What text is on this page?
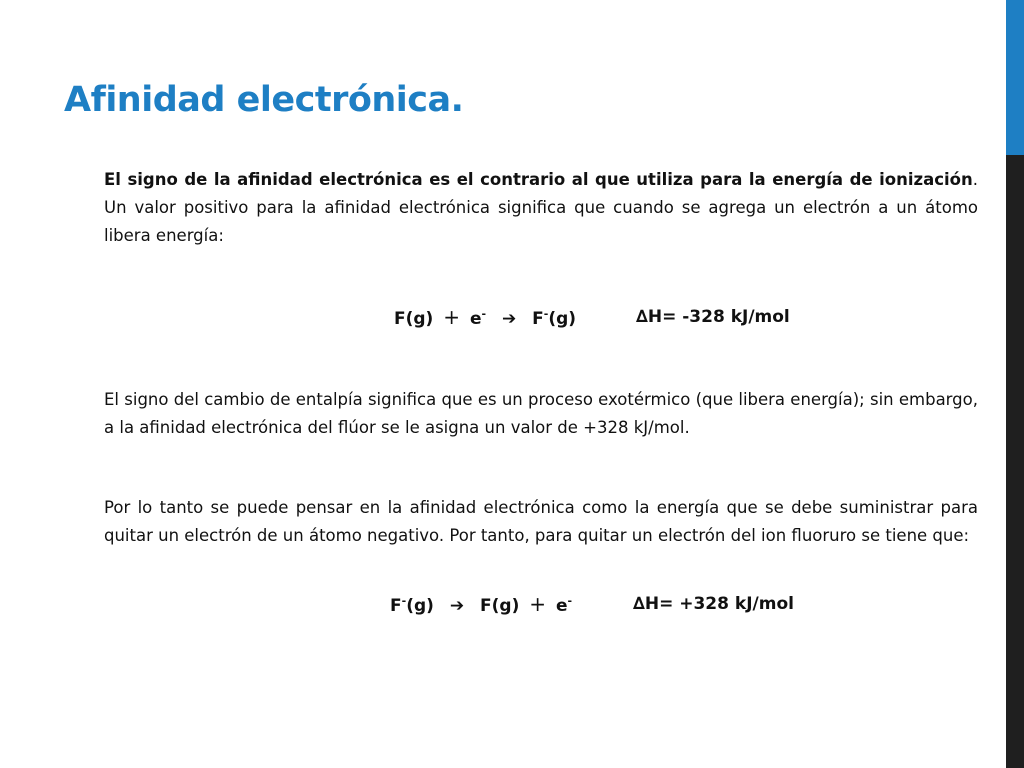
Afinidad electrónica.

El signo de la afinidad electrónica es el contrario al que utiliza para la energía de ionización. Un valor positivo para la afinidad electrónica significa que cuando se agrega un electrón a un átomo libera energía:

F(g) + e- ➔ F-(g)	∆H= -328 kJ/mol

El signo del cambio de entalpía significa que es un proceso exotérmico (que libera energía); sin embargo, a la afinidad electrónica del flúor se le asigna un valor de +328 kJ/mol.

Por lo tanto se puede pensar en la afinidad electrónica como la energía que se debe suministrar para quitar un electrón de un átomo negativo. Por tanto, para quitar un electrón del ion fluoruro se tiene que:

F-(g) ➔ F(g) + e-	∆H= +328 kJ/mol
